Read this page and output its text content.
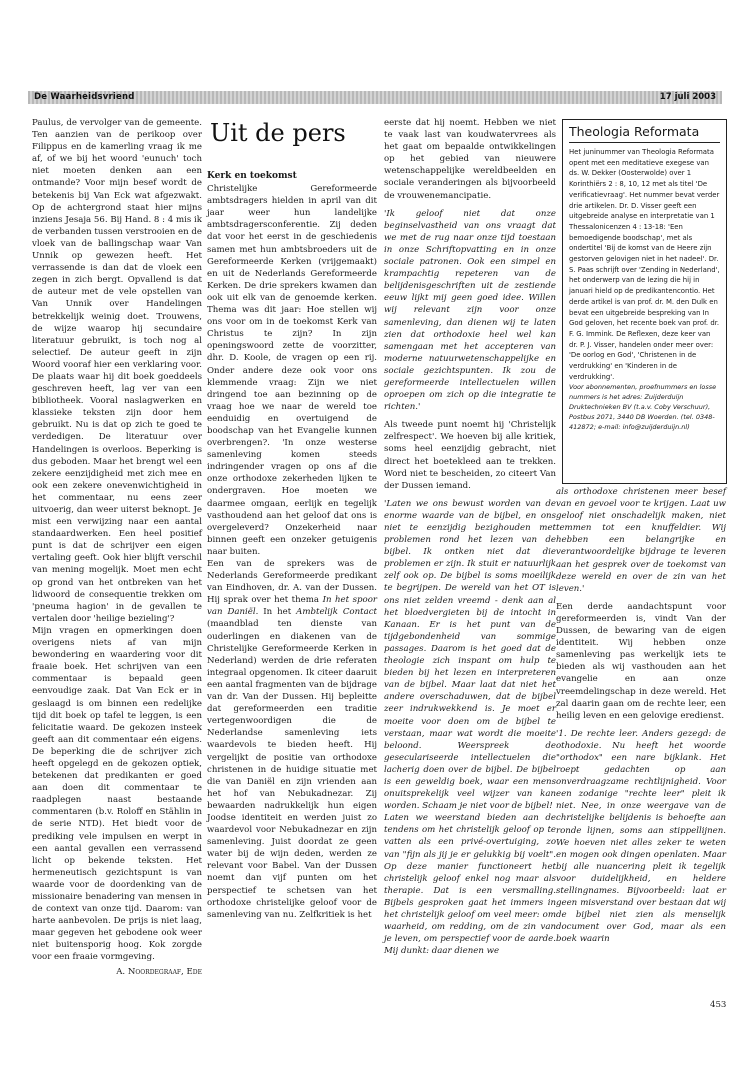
De Waarheidsvriend	17 juli 2003

Paulus, de vervolger van de gemeente. Ten aanzien van de perikoop over Filippus en de kamerling vraag ik me af, of we bij het woord 'eunuch' toch niet moeten denken aan een ontmande? Voor mijn besef wordt de betekenis bij Van Eck wat afgezwakt. Op de achtergrond staat hier mijns inziens Jesaja 56. Bij Hand. 8 : 4 mis ik de verbanden tussen verstrooien en de vloek van de ballingschap waar Van Unnik op gewezen heeft. Het verrassende is dan dat de vloek een zegen in zich bergt. Opvallend is dat de auteur met de vele opstellen van Van Unnik over Handelingen betrekkelijk weinig doet. Trouwens, de wijze waarop hij secundaire literatuur gebruikt, is toch nog al selectief. De auteur geeft in zijn Woord vooraf hier een verklaring voor. De plaats waar hij dit boek goeddeels geschreven heeft, lag ver van een bibliotheek. Vooral naslagwerken en klassieke teksten zijn door hem gebruikt. Nu is dat op zich te goed te verdedigen. De literatuur over Handelingen is overloos. Beperking is dus geboden. Maar het brengt wel een zekere eenzijdigheid met zich mee en ook een zekere onevenwichtigheid in het commentaar, nu eens zeer uitvoerig, dan weer uiterst beknopt. Je mist een verwijzing naar een aantal standaardwerken. Een heel positief punt is dat de schrijver een eigen vertaling geeft. Ook hier blijft verschil van mening mogelijk. Moet men echt op grond van het ontbreken van het lidwoord de consequentie trekken om 'pneuma hagion' in de gevallen te vertalen door 'heilige bezieling'?

Mijn vragen en opmerkingen doen overigens niets af van mijn bewondering en waardering voor dit fraaie boek. Het schrijven van een commentaar is bepaald geen eenvoudige zaak. Dat Van Eck er in geslaagd is om binnen een redelijke tijd dit boek op tafel te leggen, is een felicitatie waard. De gekozen insteek geeft aan dit commentaar eén eigens. De beperking die de schrijver zich heeft opgelegd en de gekozen optiek, betekenen dat predikanten er goed aan doen dit commentaar te raadplegen naast bestaande commentaren (b.v. Roloff en Stählin in de serie NTD). Het biedt voor de prediking vele impulsen en werpt in een aantal gevallen een verrassend licht op bekende teksten. Het hermeneutisch gezichtspunt is van waarde voor de doordenking van de missionaire benadering van mensen in de context van onze tijd. Daarom: van harte aanbevolen. De prijs is niet laag, maar gegeven het gebodene ook weer niet buitensporig hoog. Kok zorgde voor een fraaie vormgeving.

A. Noordegraaf, Ede
Uit de pers
Kerk en toekomst

Christelijke Gereformeerde ambtsdragers hielden in april van dit jaar weer hun landelijke ambtsdragersconferentie. Zij deden dat voor het eerst in de geschiedenis samen met hun ambtsbroeders uit de Gereformeerde Kerken (vrijgemaakt) en uit de Nederlands Gereformeerde Kerken. De drie sprekers kwamen dan ook uit elk van de genoemde kerken. Thema was dit jaar: Hoe stellen wij ons voor om in de toekomst Kerk van Christus te zijn? In zijn openingswoord zette de voorzitter, dhr. D. Koole, de vragen op een rij. Onder andere deze ook voor ons klemmende vraag: Zijn we niet dringend toe aan bezinning op de vraag hoe we naar de wereld toe eenduidig en overtuigend de boodschap van het Evangelie kunnen overbrengen?. 'In onze westerse samenleving komen steeds indringender vragen op ons af die onze orthodoxe zekerheden lijken te ondergraven. Hoe moeten we daarmee omgaan, eerlijk en tegelijk vasthoudend aan het geloof dat ons is overgeleverd? Onzekerheid naar binnen geeft een onzeker getuigenis naar buiten.

Een van de sprekers was de Nederlands Gereformeerde predikant van Eindhoven, dr. A. van der Dussen. Hij sprak over het thema In het spoor van Daniël. In het Ambtelijk Contact (maandblad ten dienste van ouderlingen en diakenen van de Christelijke Gereformeerde Kerken in Nederland) werden de drie referaten integraal opgenomen. Ik citeer daaruit een aantal fragmenten van de bijdrage van dr. Van der Dussen. Hij bepleitte dat gereformeerden een traditie vertegenwoordigen die de Nederlandse samenleving iets waardevols te bieden heeft. Hij vergelijkt de positie van orthodoxe christenen in de huidige situatie met die van Daniël en zijn vrienden aan het hof van Nebukadnezar. Zij bewaarden nadrukkelijk hun eigen Joodse identiteit en werden juist zo waardevol voor Nebukadnezar en zijn samenleving. Juist doordat ze geen water bij de wijn deden, werden ze relevant voor Babel. Van der Dussen noemt dan vijf punten om het perspectief te schetsen van het orthodoxe christelijke geloof voor de samenleving van nu. Zelfkritiek is het

eerste dat hij noemt. Hebben we niet te vaak last van koudwatervrees als het gaat om bepaalde ontwikkelingen op het gebied van nieuwere wetenschappelijke wereldbeelden en sociale veranderingen als bijvoorbeeld de vrouwenemancipatie.

'Ik geloof niet dat onze beginselvastheid van ons vraagt dat we met de rug naar onze tijd toestaan in onze Schriftopvatting en in onze sociale patronen. Ook een simpel en krampachtig repeteren van de belijdenisgeschriften uit de zestiende eeuw lijkt mij geen goed idee. Willen wij relevant zijn voor onze samenleving, dan dienen wij te laten zien dat orthodoxie heel wel kan samengaan met het accepteren van moderne natuurwetenschappelijke en sociale gezichtspunten. Ik zou de gereformeerde intellectuelen willen oproepen om zich op die integratie te richten.'

Als tweede punt noemt hij 'Christelijk zelfrespect'. We hoeven bij alle kritiek, soms heel eenzijdig gebracht, niet direct het boetekleed aan te trekken. Word niet te bescheiden, zo citeert Van der Dussen iemand.

'Laten we ons bewust worden van de enorme waarde van de bijbel, en ons niet te eenzijdig bezighouden met problemen rond het lezen van de bijbel. Ik ontken niet dat die problemen er zijn. Ik stuit er natuurlijk zelf ook op. De bijbel is soms moeilijk te begrijpen. De wereld van het OT is ons niet zelden vreemd - denk aan al het bloedvergieten bij de intocht in Kanaan. Er is het punt van de tijdgebondenheid van sommige passages. Daarom is het goed dat de theologie zich inspant om hulp te bieden bij het lezen en interpreteren van de bijbel. Maar laat dat niet het andere overschaduwen, dat de bijbel zeer indrukwekkend is. Je moet er moeite voor doen om de bijbel te verstaan, maar wat wordt die moeite beloond. Weerspreek de geseculariseerde intellectuelen die lacherig doen over de bijbel. De bijbel is een geweldig boek, waar een mens onuitsprekelijk veel wijzer van kan worden. Schaam je niet voor de bijbel!

Laten we weerstand bieden aan de tendens om het christelijk geloof op te vatten als een privé-overtuiging, zo van "fijn als jij je er gelukkig bij voelt". Op deze manier functioneert het christelijk geloof enkel nog maar als therapie. Dat is een versmalling. Bijbels gesproken gaat het immers in het christelijk geloof om veel meer: om waarheid, om redding, om de zin van je leven, om perspectief voor de aarde. Mij dunkt: daar dienen we

Theologia Reformata

Het juninummer van Theologia Reformata opent met een meditatieve exegese van ds. W. Dekker (Oosterwolde) over 1 Korinthiërs 2 : 8, 10, 12 met als titel 'De verificatievraag'. Het nummer bevat verder drie artikelen. Dr. D. Visser geeft een uitgebreide analyse en interpretatie van 1 Thessalonicenzen 4 : 13-18: 'Een bemoedigende boodschap', met als ondertitel 'Bij de komst van de Heere zijn gestorven gelovigen niet in het nadeel'. Dr. S. Paas schrijft over 'Zending in Nederland', het onderwerp van de lezing die hij in januari hield op de predikantencontio. Het derde artikel is van prof. dr. M. den Dulk en bevat een uitgebreide bespreking van In God geloven, het recente boek van prof. dr. F. G. Immink. De Reflexen, deze keer van dr. P. J. Visser, handelen onder meer over: 'De oorlog en God', 'Christenen in de verdrukking' en 'Kinderen in de verdrukking'.

Voor abonnementen, proefnummers en losse nummers is het adres: Zuijderduijn Druktechnieken BV (t.a.v. Coby Verschuur), Postbus 2071, 3440 DB Woerden. (tel. 0348-412872; e-mail: info@zuijderduijn.nl)

als orthodoxe christenen meer besef van en gevoel voor te krijgen. Laat uw geloof niet onschadelijk maken, niet temmen tot een knuffeldier. Wij hebben een belangrijke en verantwoordelijke bijdrage te leveren aan het gesprek over de toekomst van deze wereld en over de zin van het leven.'

Een derde aandachtspunt voor gereformeerden is, vindt Van der Dussen, de bewaring van de eigen identiteit. Wij hebben onze samenleving pas werkelijk iets te bieden als wij vasthouden aan het evangelie en aan onze vreemdelingschap in deze wereld. Het zal daarin gaan om de rechte leer, een heilig leven en een gelovige eredienst.

'1. De rechte leer. Anders gezegd: de othodoxie. Nu heeft het woorde "orthodox" een nare bijklank. Het roept gedachten op aan onverdraagzame rechtlijnigheid. Voor een zodanige "rechte leer" pleit ik niet. Nee, in onze weergave van de christelijke belijdenis is behoefte aan ronde lijnen, soms aan stippellijnen. We hoeven niet alles zeker te weten en mogen ook dingen openlaten. Maar bij alle nuancering pleit ik tegelijk voor duidelijkheid, en heldere stellingnames. Bijvoorbeeld: laat er geen misverstand over bestaan dat wij de bijbel niet zien als menselijk document over God, maar als een boek waarin

453
